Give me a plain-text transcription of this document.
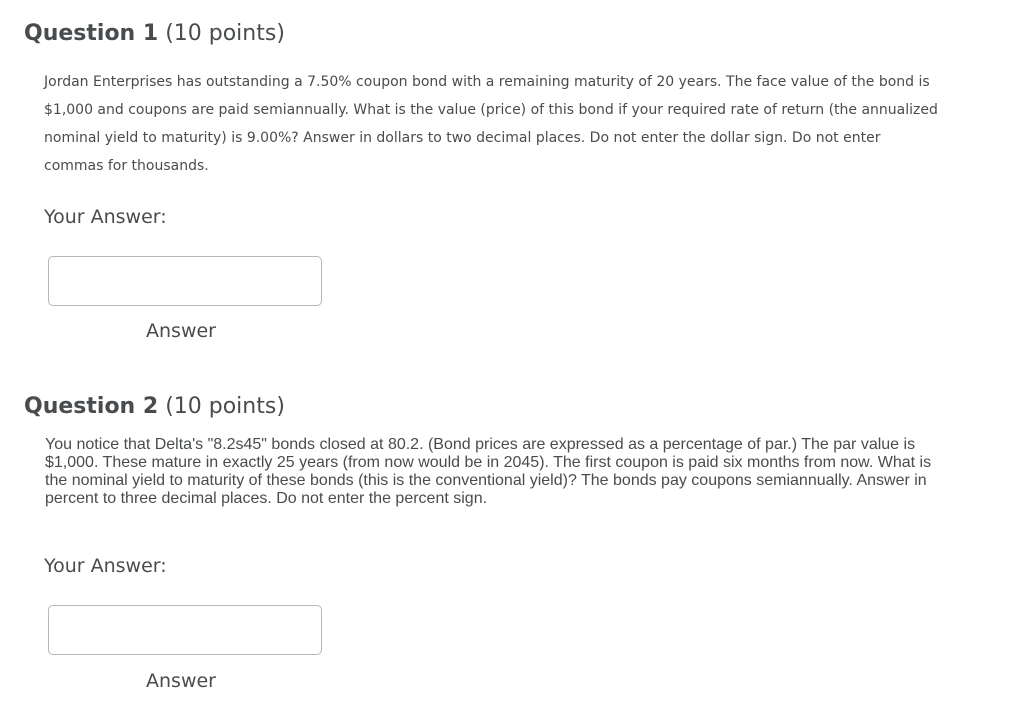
Question 1 (10 points)

Jordan Enterprises has outstanding a 7.50% coupon bond with a remaining maturity of 20 years. The face value of the bond is $1,000 and coupons are paid semiannually. What is the value (price) of this bond if your required rate of return (the annualized nominal yield to maturity) is 9.00%? Answer in dollars to two decimal places. Do not enter the dollar sign. Do not enter commas for thousands.

Your Answer:

Answer

Question 2 (10 points)

You notice that Delta's "8.2s45" bonds closed at 80.2. (Bond prices are expressed as a percentage of par.) The par value is $1,000. These mature in exactly 25 years (from now would be in 2045). The first coupon is paid six months from now. What is the nominal yield to maturity of these bonds (this is the conventional yield)? The bonds pay coupons semiannually. Answer in percent to three decimal places. Do not enter the percent sign.

Your Answer:

Answer
